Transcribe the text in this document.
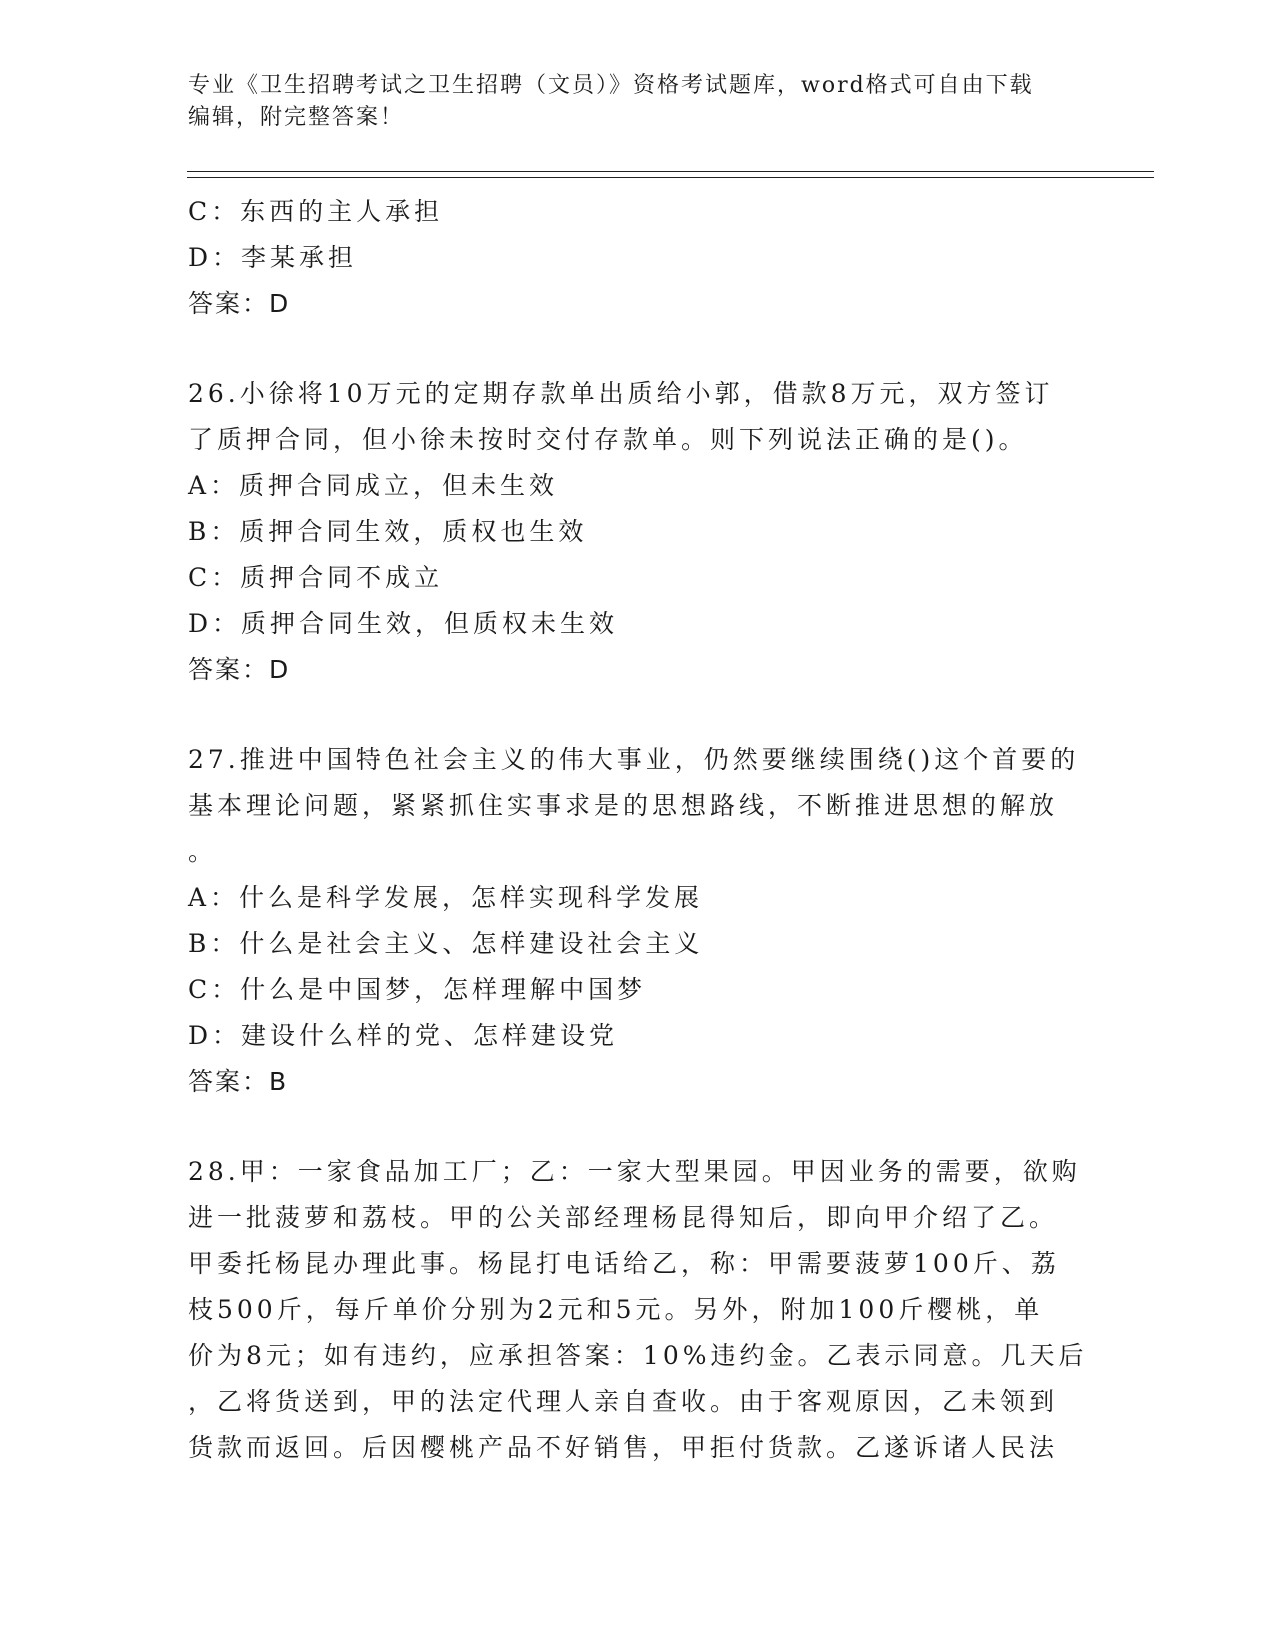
专业《卫生招聘考试之卫生招聘（文员）》资格考试题库，word格式可自由下载
编辑，附完整答案！

C：东西的主人承担

D：李某承担

答案：D

26.小徐将10万元的定期存款单出质给小郭，借款8万元，双方签订

了质押合同，但小徐未按时交付存款单。则下列说法正确的是()。

A：质押合同成立，但未生效

B：质押合同生效，质权也生效

C：质押合同不成立

D：质押合同生效，但质权未生效

答案：D

27.推进中国特色社会主义的伟大事业，仍然要继续围绕()这个首要的

基本理论问题，紧紧抓住实事求是的思想路线，不断推进思想的解放

。

A：什么是科学发展，怎样实现科学发展

B：什么是社会主义、怎样建设社会主义

C：什么是中国梦，怎样理解中国梦

D：建设什么样的党、怎样建设党

答案：B

28.甲：一家食品加工厂；乙：一家大型果园。甲因业务的需要，欲购

进一批菠萝和荔枝。甲的公关部经理杨昆得知后，即向甲介绍了乙。

甲委托杨昆办理此事。杨昆打电话给乙，称：甲需要菠萝100斤、荔

枝500斤，每斤单价分别为2元和5元。另外，附加100斤樱桃，单

价为8元；如有违约，应承担答案：10%违约金。乙表示同意。几天后

，乙将货送到，甲的法定代理人亲自查收。由于客观原因，乙未领到

货款而返回。后因樱桃产品不好销售，甲拒付货款。乙遂诉诸人民法
